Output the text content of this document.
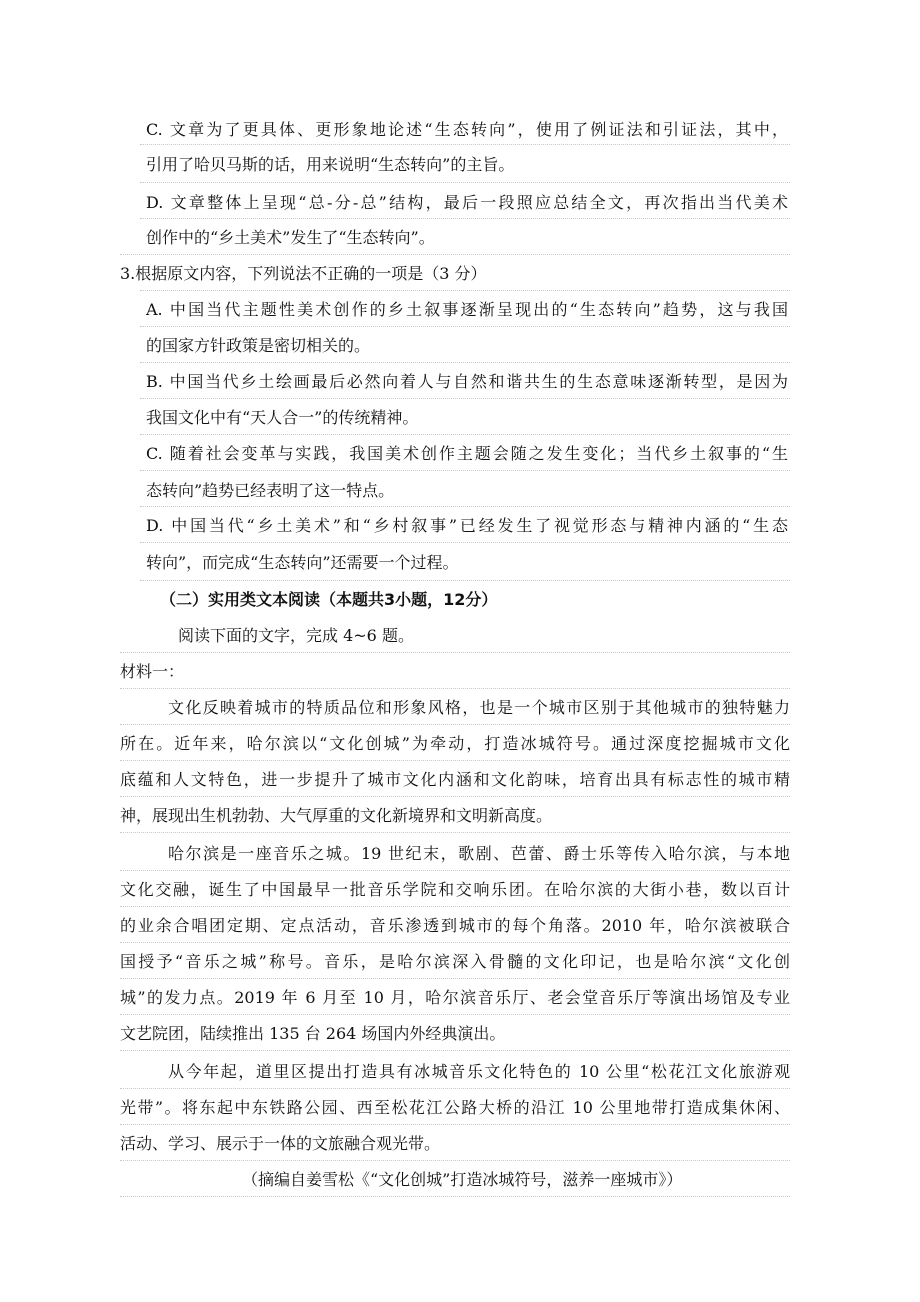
C. 文章为了更具体、更形象地论述“生态转向”，使用了例证法和引证法，其中，
引用了哈贝马斯的话，用来说明“生态转向”的主旨。
D. 文章整体上呈现“总-分-总”结构，最后一段照应总结全文，再次指出当代美术
创作中的“乡土美术”发生了“生态转向”。
3.根据原文内容，下列说法不正确的一项是（3 分）
A. 中国当代主题性美术创作的乡土叙事逐渐呈现出的“生态转向”趋势，这与我国
的国家方针政策是密切相关的。
B. 中国当代乡土绘画最后必然向着人与自然和谐共生的生态意味逐渐转型，是因为
我国文化中有“天人合一”的传统精神。
C. 随着社会变革与实践，我国美术创作主题会随之发生变化；当代乡土叙事的“生
态转向”趋势已经表明了这一特点。
D. 中国当代“乡土美术”和“乡村叙事”已经发生了视觉形态与精神内涵的“生态
转向”，而完成“生态转向”还需要一个过程。
（二）实用类文本阅读（本题共3小题，12分）
阅读下面的文字，完成 4~6 题。
材料一：
文化反映着城市的特质品位和形象风格，也是一个城市区别于其他城市的独特魅力
所在。近年来，哈尔滨以“文化创城”为牵动，打造冰城符号。通过深度挖掘城市文化
底蕴和人文特色，进一步提升了城市文化内涵和文化韵味，培育出具有标志性的城市精
神，展现出生机勃勃、大气厚重的文化新境界和文明新高度。
哈尔滨是一座音乐之城。19 世纪末，歌剧、芭蕾、爵士乐等传入哈尔滨，与本地
文化交融，诞生了中国最早一批音乐学院和交响乐团。在哈尔滨的大街小巷，数以百计
的业余合唱团定期、定点活动，音乐渗透到城市的每个角落。2010 年，哈尔滨被联合
国授予“音乐之城”称号。音乐，是哈尔滨深入骨髓的文化印记，也是哈尔滨“文化创
城”的发力点。2019 年 6 月至 10 月，哈尔滨音乐厅、老会堂音乐厅等演出场馆及专业
文艺院团，陆续推出 135 台 264 场国内外经典演出。
从今年起，道里区提出打造具有冰城音乐文化特色的 10 公里“松花江文化旅游观
光带”。将东起中东铁路公园、西至松花江公路大桥的沿江 10 公里地带打造成集休闲、
活动、学习、展示于一体的文旅融合观光带。
（摘编自姜雪松《“文化创城”打造冰城符号，滋养一座城市》）
